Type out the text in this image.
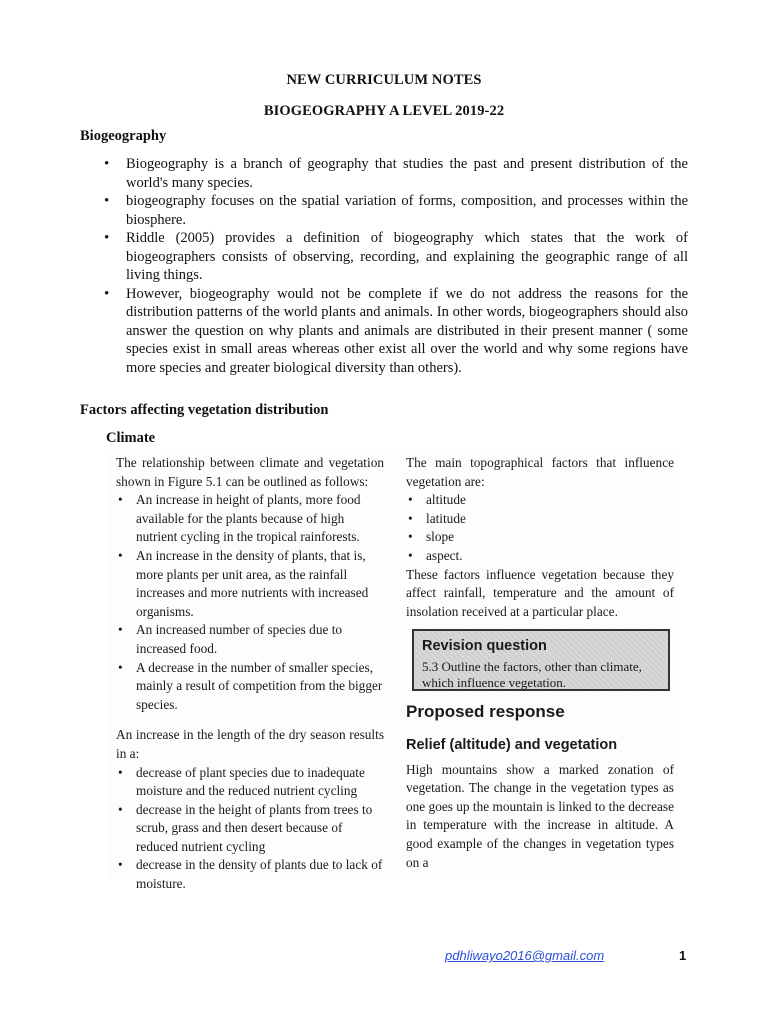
NEW CURRICULUM NOTES
BIOGEOGRAPHY A LEVEL 2019-22
Biogeography
• Biogeography is a branch of geography that studies the past and present distribution of the world's many species.
• biogeography focuses on the spatial variation of forms, composition, and processes within the biosphere.
• Riddle (2005) provides a definition of biogeography which states that the work of biogeographers consists of observing, recording, and explaining the geographic range of all living things.
• However, biogeography would not be complete if we do not address the reasons for the distribution patterns of the world plants and animals. In other words, biogeographers should also answer the question on why plants and animals are distributed in their present manner ( some species exist in small areas whereas other exist all over the world and why some regions have more species and greater biological diversity than others).
Factors affecting vegetation distribution
Climate

The relationship between climate and vegetation shown in Figure 5.1 can be outlined as follows:

• An increase in height of plants, more food available for the plants because of high nutrient cycling in the tropical rainforests.
• An increase in the density of plants, that is, more plants per unit area, as the rainfall increases and more nutrients with increased organisms.
• An increased number of species due to increased food.
• A decrease in the number of smaller species, mainly a result of competition from the bigger species.

An increase in the length of the dry season results in a:

• decrease of plant species due to inadequate moisture and the reduced nutrient cycling
• decrease in the height of plants from trees to scrub, grass and then desert because of reduced nutrient cycling
• decrease in the density of plants due to lack of moisture.

The main topographical factors that influence vegetation are:

• altitude
• latitude
• slope
• aspect.

These factors influence vegetation because they affect rainfall, temperature and the amount of insolation received at a particular place.

Revision question
5.3 Outline the factors, other than climate, which influence vegetation.
Proposed response
Relief (altitude) and vegetation

High mountains show a marked zonation of vegetation. The change in the vegetation types as one goes up the mountain is linked to the decrease in temperature with the increase in altitude. A good example of the changes in vegetation types on a

pdhliwayo2016@gmail.com	1
